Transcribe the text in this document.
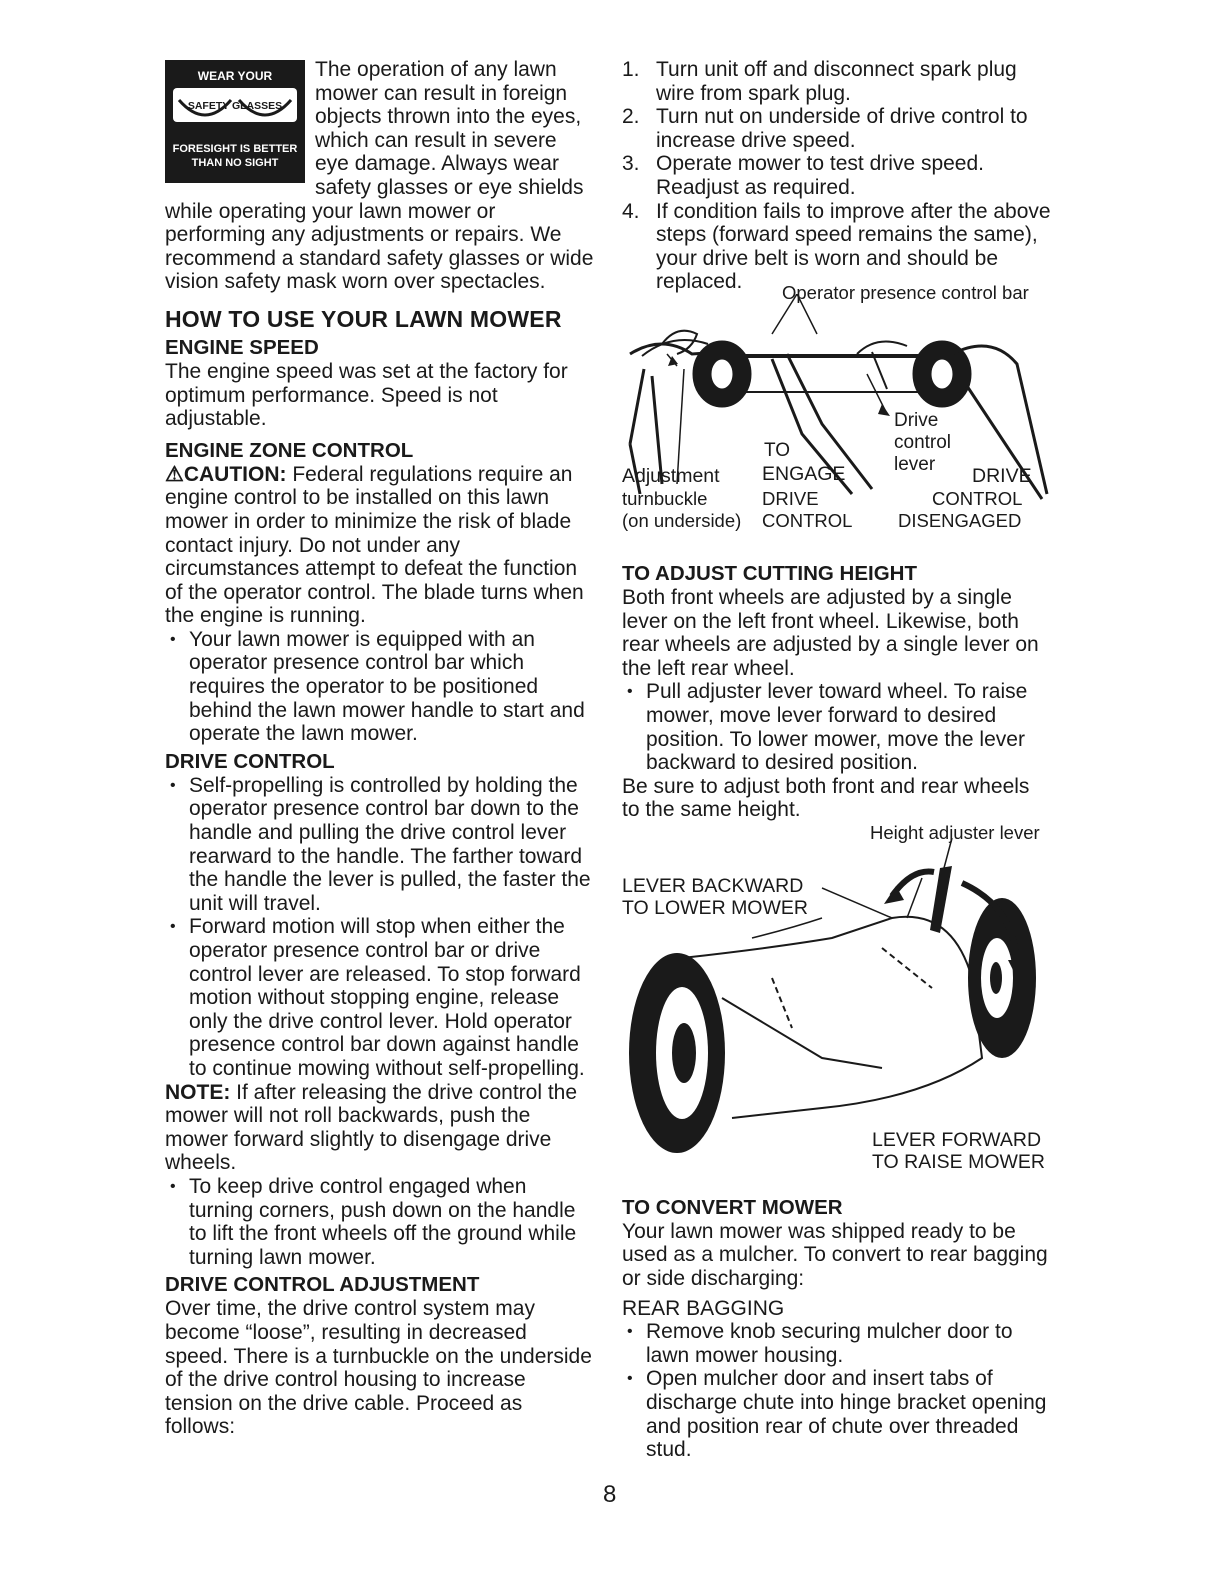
WEAR YOUR
SAFETY GLASSES
FORESIGHT IS BETTER
THAN NO SIGHT

The operation of any lawn mower can result in foreign objects thrown into the eyes, which can result in severe eye damage. Always wear safety glasses or eye shields while operating your lawn mower or performing any adjustments or repairs. We recommend a standard safety glasses or wide vision safety mask worn over spectacles.

HOW TO USE YOUR LAWN MOWER
ENGINE SPEED

The engine speed was set at the factory for optimum performance. Speed is not adjustable.

ENGINE ZONE CONTROL

⚠CAUTION: Federal regulations require an engine control to be installed on this lawn mower in order to minimize the risk of blade contact injury. Do not under any circumstances attempt to defeat the function of the operator control. The blade turns when the engine is running.

• Your lawn mower is equipped with an operator presence control bar which requires the operator to be positioned behind the lawn mower handle to start and operate the lawn mower.
DRIVE CONTROL
• Self-propelling is controlled by holding the operator presence control bar down to the handle and pulling the drive control lever rearward to the handle. The farther toward the handle the lever is pulled, the faster the unit will travel.
• Forward motion will stop when either the operator presence control bar or drive control lever are released. To stop forward motion without stopping engine, release only the drive control lever. Hold operator presence control bar down against handle to continue mowing without self-propelling.

NOTE: If after releasing the drive control the mower will not roll backwards, push the mower forward slightly to disengage drive wheels.

• To keep drive control engaged when turning corners, push down on the handle to lift the front wheels off the ground while turning lawn mower.
DRIVE CONTROL ADJUSTMENT

Over time, the drive control system may become “loose”, resulting in decreased speed. There is a turnbuckle on the underside of the drive control housing to increase tension on the drive cable. Proceed as follows:

1. Turn unit off and disconnect spark plug wire from spark plug.
2. Turn nut on underside of drive control to increase drive speed.
3. Operate mower to test drive speed. Readjust as required.
4. If condition fails to improve after the above steps (forward speed remains the same), your drive belt is worn and should be replaced.	Operator presence control bar
Drive
control
lever
TO
Adjustment
turnbuckle
(on underside)
ENGAGE
DRIVE
CONTROL
DRIVE
CONTROL
DISENGAGED
TO ADJUST CUTTING HEIGHT

Both front wheels are adjusted by a single lever on the left front wheel. Likewise, both rear wheels are adjusted by a single lever on the left rear wheel.

• Pull adjuster lever toward wheel. To raise mower, move lever forward to desired position. To lower mower, move the lever backward to desired position.

Be sure to adjust both front and rear wheels to the same height.

Height adjuster lever
LEVER BACKWARD
TO LOWER MOWER
LEVER FORWARD
TO RAISE MOWER
TO CONVERT MOWER

Your lawn mower was shipped ready to be used as a mulcher. To convert to rear bagging or side discharging:

REAR BAGGING

• Remove knob securing mulcher door to lawn mower housing.
• Open mulcher door and insert tabs of discharge chute into hinge bracket opening and position rear of chute over threaded stud.
8
